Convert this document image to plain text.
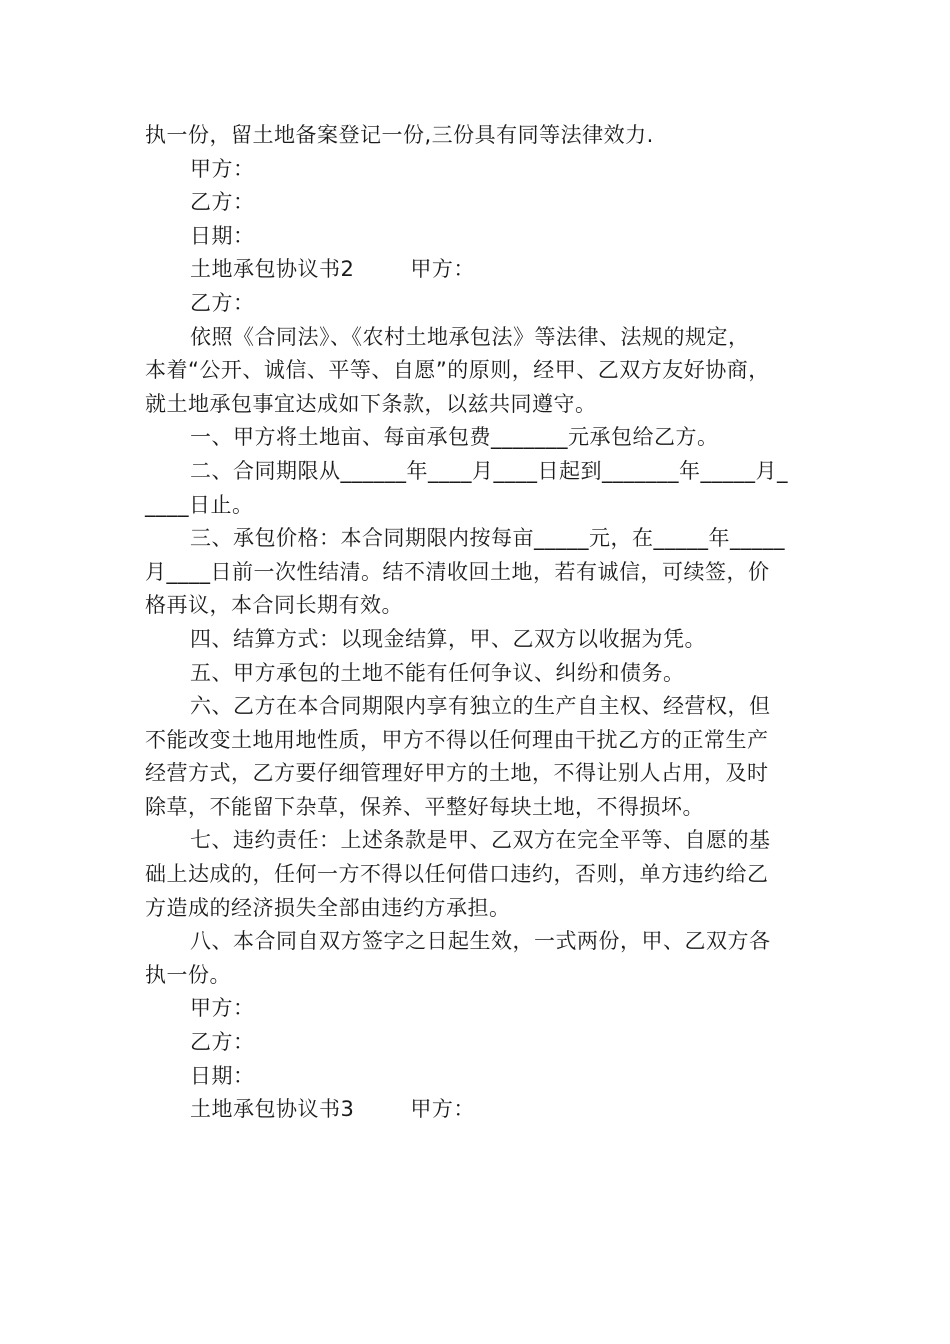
执一份，留土地备案登记一份,三份具有同等法律效力.

甲方：

乙方：

日期：

土地承包协议书2	甲方：

乙方：

依照《合同法》、《农村土地承包法》等法律、法规的规定，

本着“公开、诚信、平等、自愿”的原则，经甲、乙双方友好协商，

就土地承包事宜达成如下条款，以兹共同遵守。

一、甲方将土地亩、每亩承包费_______元承包给乙方。

二、合同期限从______年____月____日起到_______年_____月_

____日止。

三、承包价格：本合同期限内按每亩_____元，在_____年_____

月____日前一次性结清。结不清收回土地，若有诚信，可续签，价

格再议，本合同长期有效。

四、结算方式：以现金结算，甲、乙双方以收据为凭。

五、甲方承包的土地不能有任何争议、纠纷和债务。

六、乙方在本合同期限内享有独立的生产自主权、经营权，但

不能改变土地用地性质，甲方不得以任何理由干扰乙方的正常生产

经营方式，乙方要仔细管理好甲方的土地，不得让别人占用，及时

除草，不能留下杂草，保养、平整好每块土地，不得损坏。

七、违约责任：上述条款是甲、乙双方在完全平等、自愿的基

础上达成的，任何一方不得以任何借口违约，否则，单方违约给乙

方造成的经济损失全部由违约方承担。

八、本合同自双方签字之日起生效，一式两份，甲、乙双方各

执一份。

甲方：

乙方：

日期：

土地承包协议书3	甲方：
